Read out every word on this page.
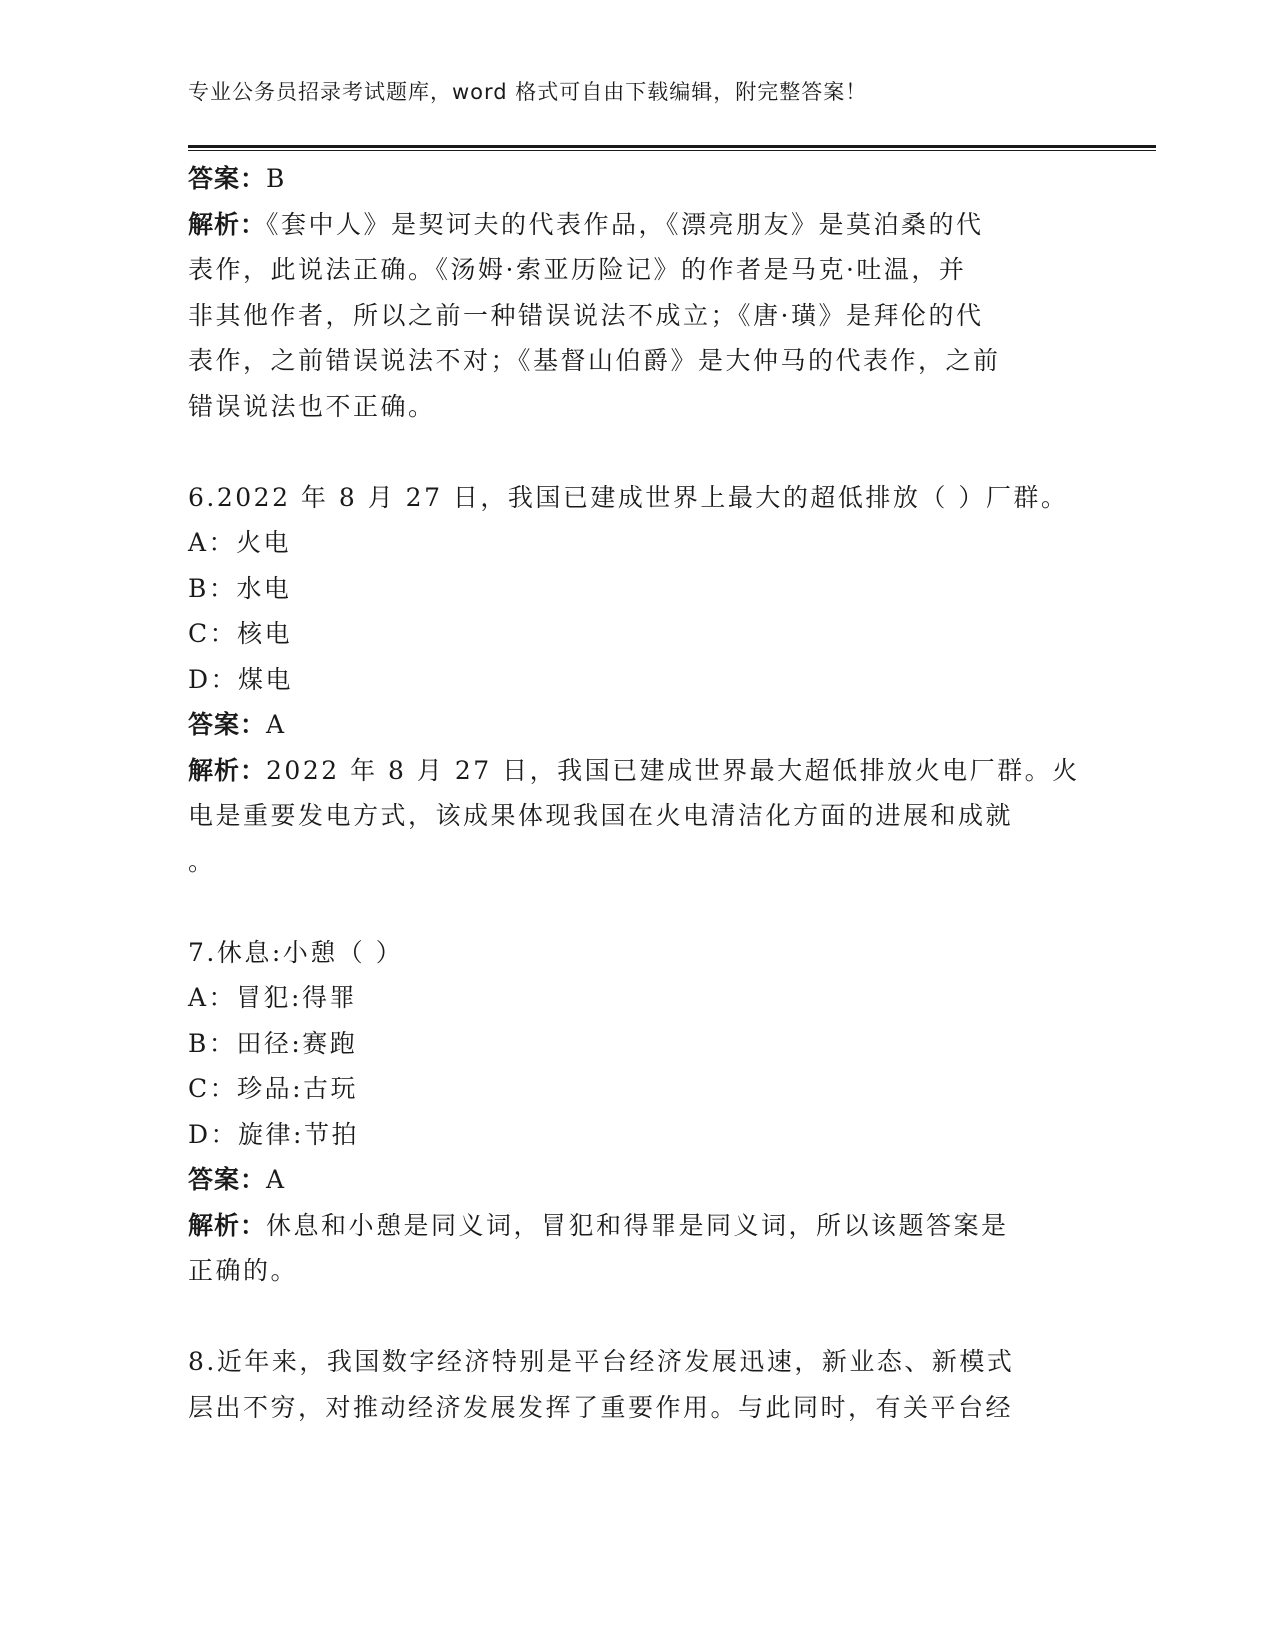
专业公务员招录考试题库，word 格式可自由下载编辑，附完整答案！
答案：B
解析：《套中人》是契诃夫的代表作品，《漂亮朋友》是莫泊桑的代
表作，此说法正确。《汤姆·索亚历险记》的作者是马克·吐温，并
非其他作者，所以之前一种错误说法不成立；《唐·璜》是拜伦的代
表作，之前错误说法不对；《基督山伯爵》是大仲马的代表作，之前
错误说法也不正确。
6.2022 年 8 月 27 日，我国已建成世界上最大的超低排放（ ）厂群。
A：火电
B：水电
C：核电
D：煤电
答案：A
解析：2022 年 8 月 27 日，我国已建成世界最大超低排放火电厂群。火
电是重要发电方式，该成果体现我国在火电清洁化方面的进展和成就
。
7.休息:小憩（ ）
A：冒犯:得罪
B：田径:赛跑
C：珍品:古玩
D：旋律:节拍
答案：A
解析：休息和小憩是同义词，冒犯和得罪是同义词，所以该题答案是
正确的。
8.近年来，我国数字经济特别是平台经济发展迅速，新业态、新模式
层出不穷，对推动经济发展发挥了重要作用。与此同时，有关平台经
